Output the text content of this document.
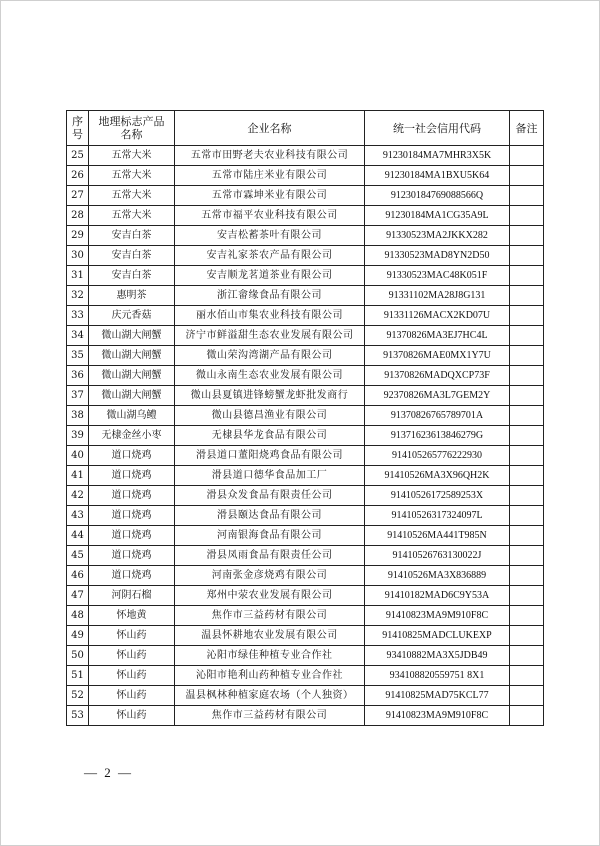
序号	地理标志产品名称	企业名称	统一社会信用代码	备注
25	五常大米	五常市田野老夫农业科技有限公司	91230184MA7MHR3X5K	
26	五常大米	五常市陆庄米业有限公司	91230184MA1BXU5K64	
27	五常大米	五常市霖坤米业有限公司	91230184769088566Q	
28	五常大米	五常市福平农业科技有限公司	91230184MA1CG35A9L	
29	安吉白茶	安吉松蓄茶叶有限公司	91330523MA2JKKX282	
30	安吉白茶	安吉礼家茶农产品有限公司	91330523MAD8YN2D50	
31	安吉白茶	安吉顺龙茗道茶业有限公司	91330523MAC48K051F	
32	惠明茶	浙江畲缘食品有限公司	91331102MA28J8G131	
33	庆元香菇	丽水佰山市集农业科技有限公司	91331126MACX2KD07U	
34	微山湖大闸蟹	济宁市鲜溢甜生态农业发展有限公司	91370826MA3EJ7HC4L	
35	微山湖大闸蟹	微山荣沟湾湖产品有限公司	91370826MAE0MX1Y7U	
36	微山湖大闸蟹	微山永南生态农业发展有限公司	91370826MADQXCP73F	
37	微山湖大闸蟹	微山县夏镇进锋螃蟹龙虾批发商行	92370826MA3L7GEM2Y	
38	微山湖乌鳢	微山县德昌渔业有限公司	91370826765789701A	
39	无棣金丝小枣	无棣县华龙食品有限公司	91371623613846279G	
40	道口烧鸡	滑县道口董阳烧鸡食品有限公司	914105265776222930	
41	道口烧鸡	滑县道口德华食品加工厂	91410526MA3X96QH2K	
42	道口烧鸡	滑县众发食品有限责任公司	91410526172589253X	
43	道口烧鸡	滑县颐达食品有限公司	91410526317324097L	
44	道口烧鸡	河南银海食品有限公司	91410526MA441T985N	
45	道口烧鸡	滑县凤雨食品有限责任公司	91410526763130022J	
46	道口烧鸡	河南张金彦烧鸡有限公司	91410526MA3X836889	
47	河阴石榴	郑州中荥农业发展有限公司	91410182MAD6C9Y53A	
48	怀地黄	焦作市三益药材有限公司	91410823MA9M910F8C	
49	怀山药	温县怀耕地农业发展有限公司	91410825MADCLUKEXP	
50	怀山药	沁阳市绿佳种植专业合作社	93410882MA3X5JDB49	
51	怀山药	沁阳市艳利山药种植专业合作社	934108820559751 8X1	
52	怀山药	温县枫林种植家庭农场（个人独资）	91410825MAD75KCL77	
53	怀山药	焦作市三益药材有限公司	91410823MA9M910F8C	
— 2 —
